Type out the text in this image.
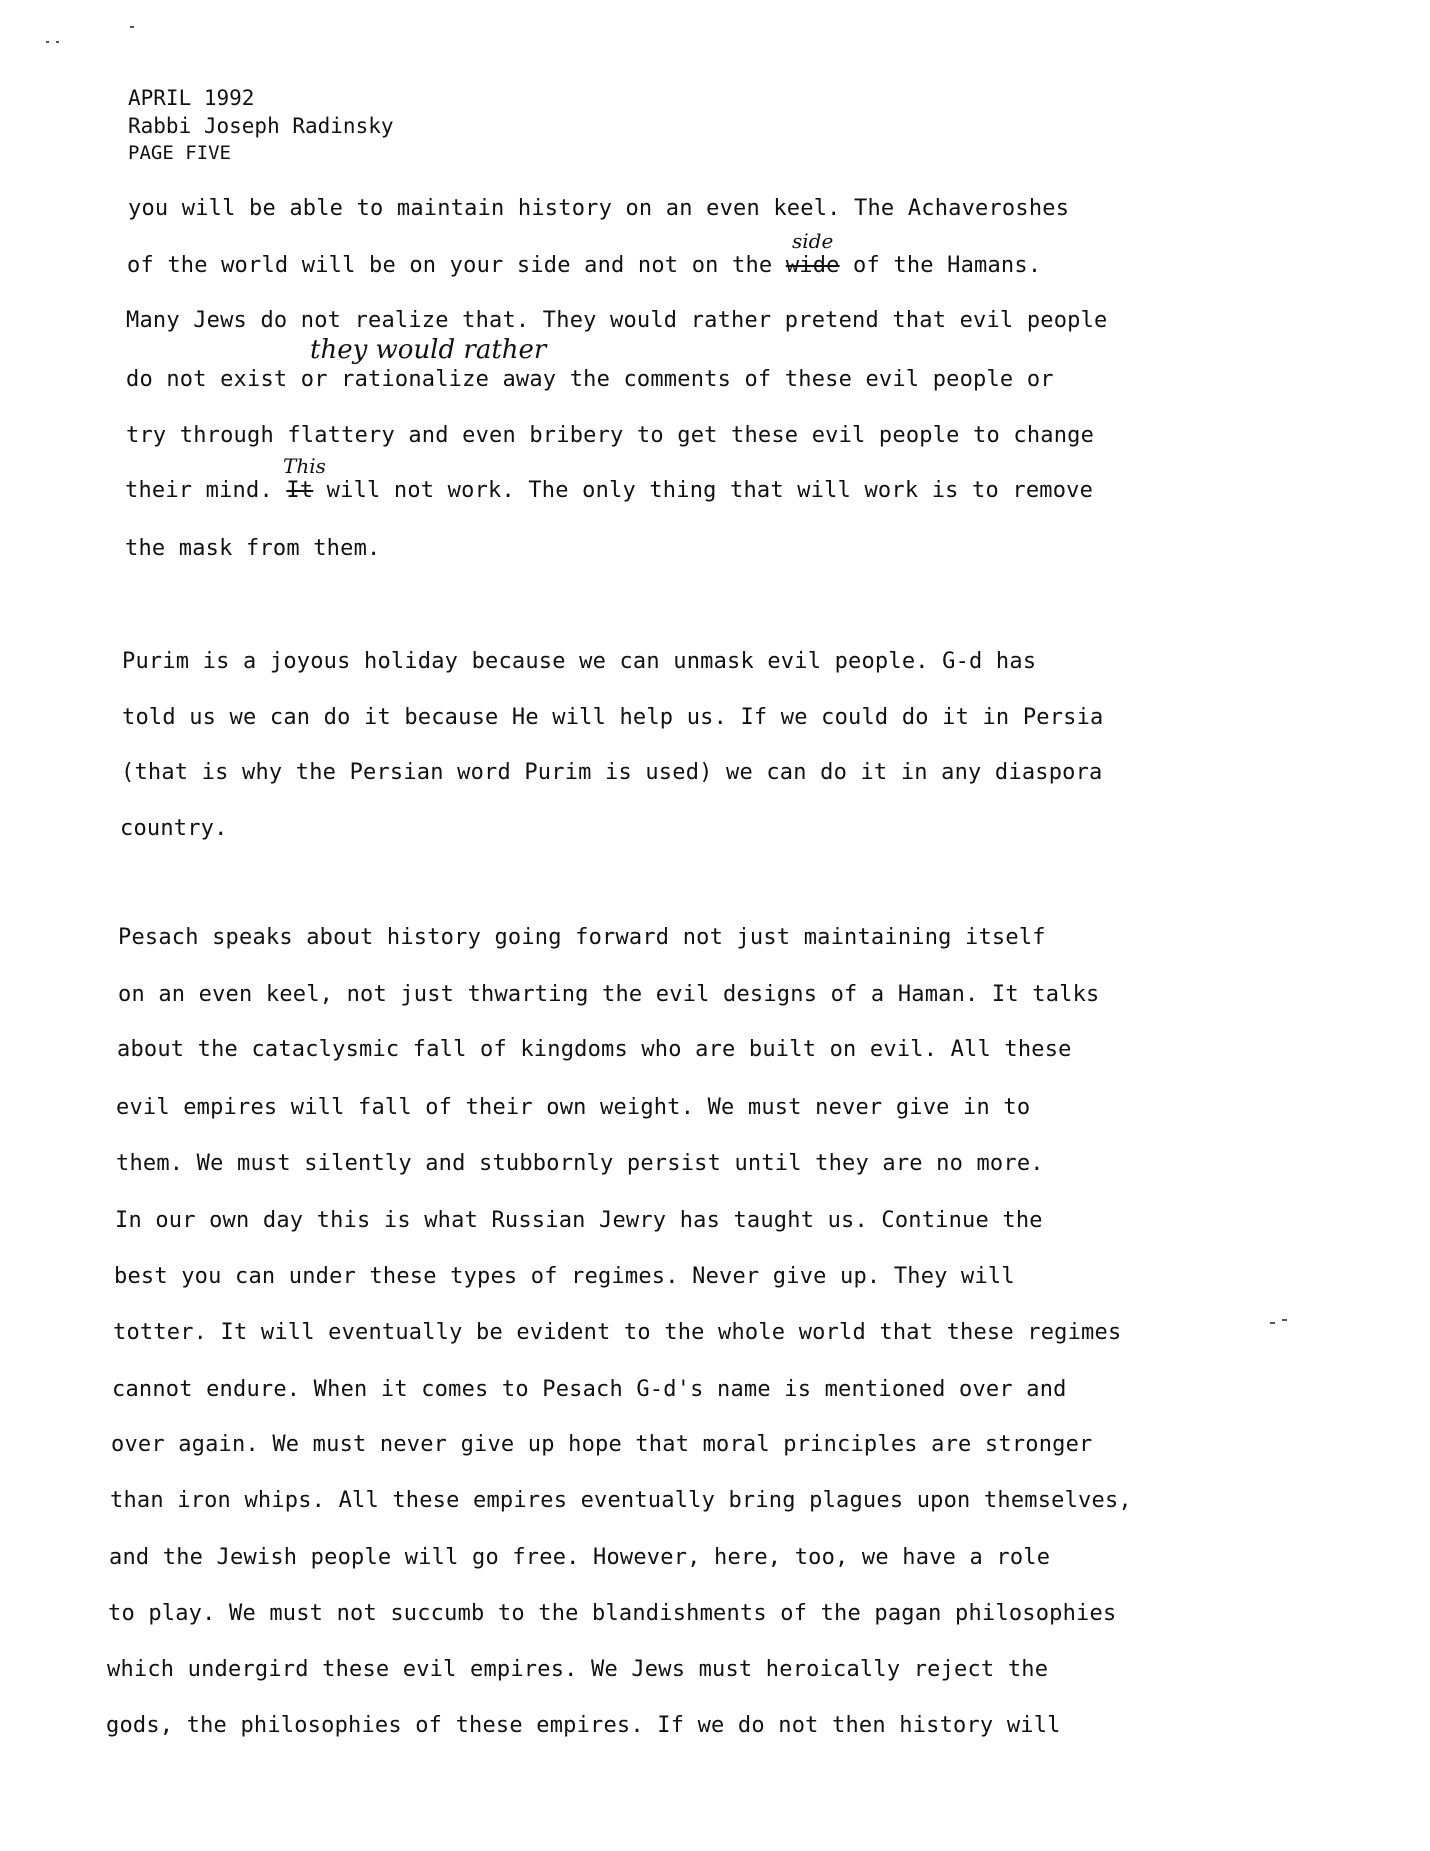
APRIL 1992
Rabbi Joseph Radinsky
PAGE FIVE
you will be able to maintain history on an even keel. The Achaveroshes
of the world will be on your side and not on the wide of the Hamans.
side
Many Jews do not realize that. They would rather pretend that evil people
they would rather
do not exist or rationalize away the comments of these evil people or
try through flattery and even bribery to get these evil people to change
This
their mind. It will not work. The only thing that will work is to remove
the mask from them.
Purim is a joyous holiday because we can unmask evil people. G-d has
told us we can do it because He will help us. If we could do it in Persia
(that is why the Persian word Purim is used) we can do it in any diaspora
country.
Pesach speaks about history going forward not just maintaining itself
on an even keel, not just thwarting the evil designs of a Haman. It talks
about the cataclysmic fall of kingdoms who are built on evil. All these
evil empires will fall of their own weight. We must never give in to
them. We must silently and stubbornly persist until they are no more.
In our own day this is what Russian Jewry has taught us. Continue the
best you can under these types of regimes. Never give up. They will
totter. It will eventually be evident to the whole world that these regimes
cannot endure. When it comes to Pesach G-d's name is mentioned over and
over again. We must never give up hope that moral principles are stronger
than iron whips. All these empires eventually bring plagues upon themselves,
and the Jewish people will go free. However, here, too, we have a role
to play. We must not succumb to the blandishments of the pagan philosophies
which undergird these evil empires. We Jews must heroically reject the
gods, the philosophies of these empires. If we do not then history will
